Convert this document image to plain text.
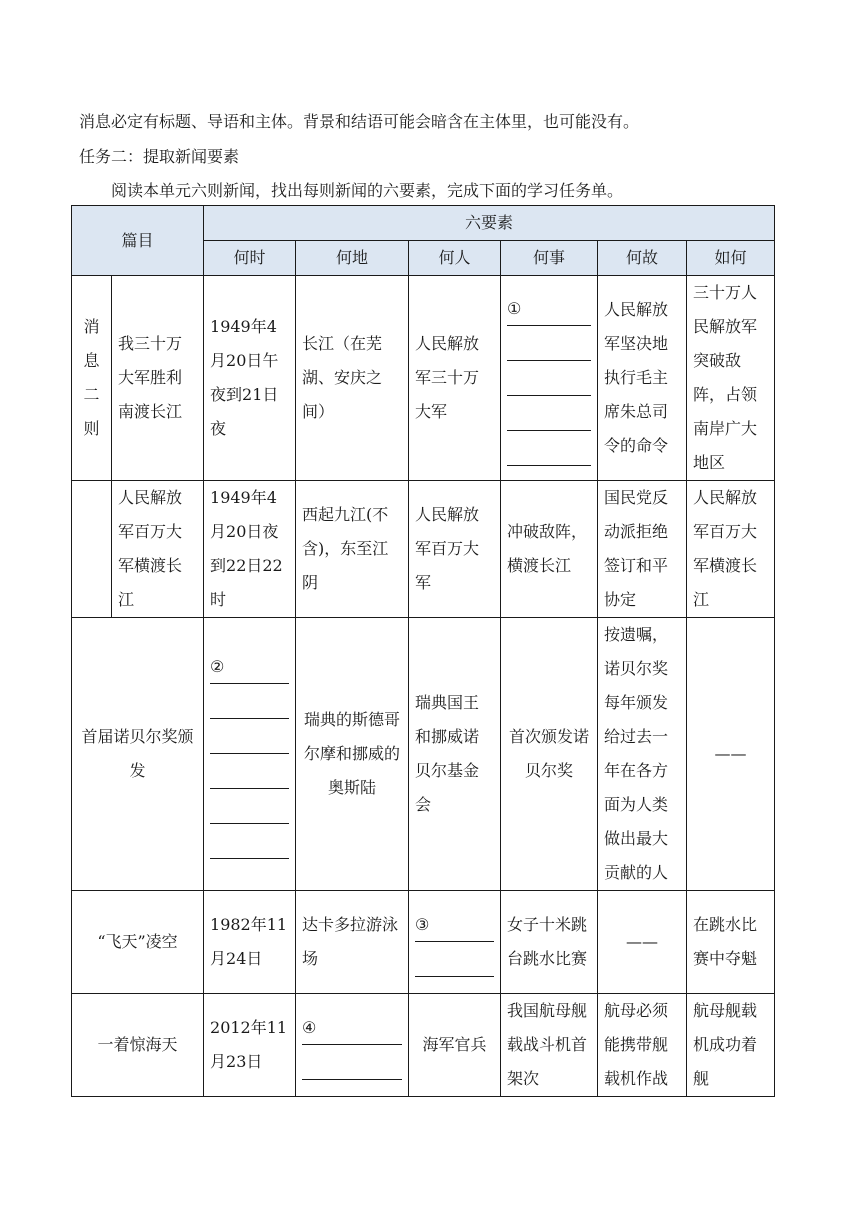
消息必定有标题、导语和主体。背景和结语可能会暗含在主体里，也可能没有。
任务二：提取新闻要素
阅读本单元六则新闻，找出每则新闻的六要素，完成下面的学习任务单。
篇目		六要素					
		何时	何地	何人	何事	何故	如何

消
息
二
则	我三十万大军胜利南渡长江	1949年4月20日午夜到21日夜	长江（在芜湖、安庆之间）	人民解放军三十万大军	①	人民解放军坚决地执行毛主席朱总司令的命令	三十万人民解放军突破敌阵，占领南岸广大地区
	人民解放军百万大军横渡长江	1949年4月20日夜到22日22时	西起九江(不含)，东至江阴	人民解放军百万大军	冲破敌阵，横渡长江	国民党反动派拒绝签订和平协定	人民解放军百万大军横渡长江
首届诺贝尔奖颁发		②	瑞典的斯德哥尔摩和挪威的奥斯陆	瑞典国王和挪威诺贝尔基金会	首次颁发诺贝尔奖	按遗嘱，诺贝尔奖每年颁发给过去一年在各方面为人类做出最大贡献的人	——
“飞天”凌空		1982年11月24日	达卡多拉游泳场	③	女子十米跳台跳水比赛	——	在跳水比赛中夺魁
一着惊海天		2012年11月23日	④	海军官兵	我国航母舰载战斗机首架次	航母必须能携带舰载机作战	航母舰载机成功着舰
